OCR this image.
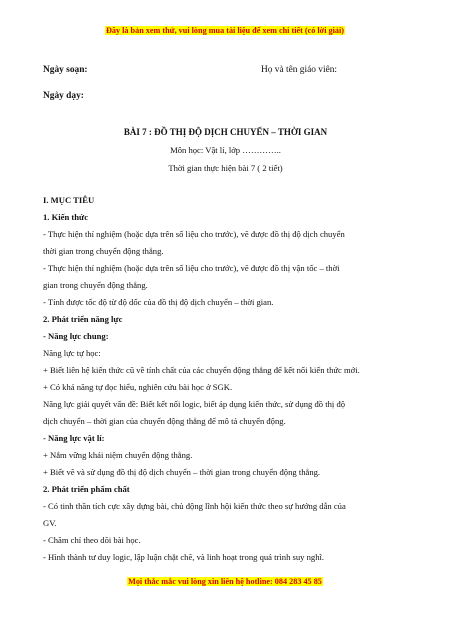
Đây là bản xem thử, vui lòng mua tài liệu để xem chi tiết (có lời giải)
Ngày soạn:	Họ và tên giáo viên:
Ngày dạy:
BÀI 7 : ĐỒ THỊ ĐỘ DỊCH CHUYỂN – THỜI GIAN
Môn học: Vật lí, lớp …………..
Thời gian thực hiện bài 7 ( 2 tiết)
I. MỤC TIÊU
1. Kiến thức
- Thực hiện thí nghiệm (hoặc dựa trên số liệu cho trước), vẽ được đồ thị độ dịch chuyển
thời gian trong chuyển động thẳng.
- Thực hiện thí nghiệm (hoặc dựa trên số liệu cho trước), vẽ được đồ thị vận tốc – thời
gian trong chuyển động thẳng.
- Tính được tốc độ từ độ dốc của đồ thị độ dịch chuyển – thời gian.
2. Phát triển năng lực
- Năng lực chung:
Năng lực tự học:
+ Biết liên hệ kiến thức cũ về tính chất của các chuyển động thẳng để kết nối kiến thức mới.
+ Có khả năng tự đọc hiểu, nghiên cứu bài học ở SGK.
Năng lực giải quyết vấn đề: Biết kết nối logic, biết áp dụng kiến thức, sử dụng đồ thị độ
dịch chuyển – thời gian của chuyển động thẳng để mô tả chuyển động.
- Năng lực vật lí:
+ Nắm vững khái niệm chuyển động thẳng.
+ Biết vẽ và sử dụng đồ thị độ dịch chuyển – thời gian trong chuyển động thẳng.
2. Phát triển phẩm chất
- Có tinh thần tích cực xây dựng bài, chủ động lĩnh hội kiến thức theo sự hướng dẫn của
GV.
- Chăm chỉ theo dõi bài học.
- Hình thành tư duy logic, lập luận chặt chẽ, và linh hoạt trong quá trình suy nghĩ.
Mọi thắc mắc vui lòng xin liên hệ hotline: 084 283 45 85
